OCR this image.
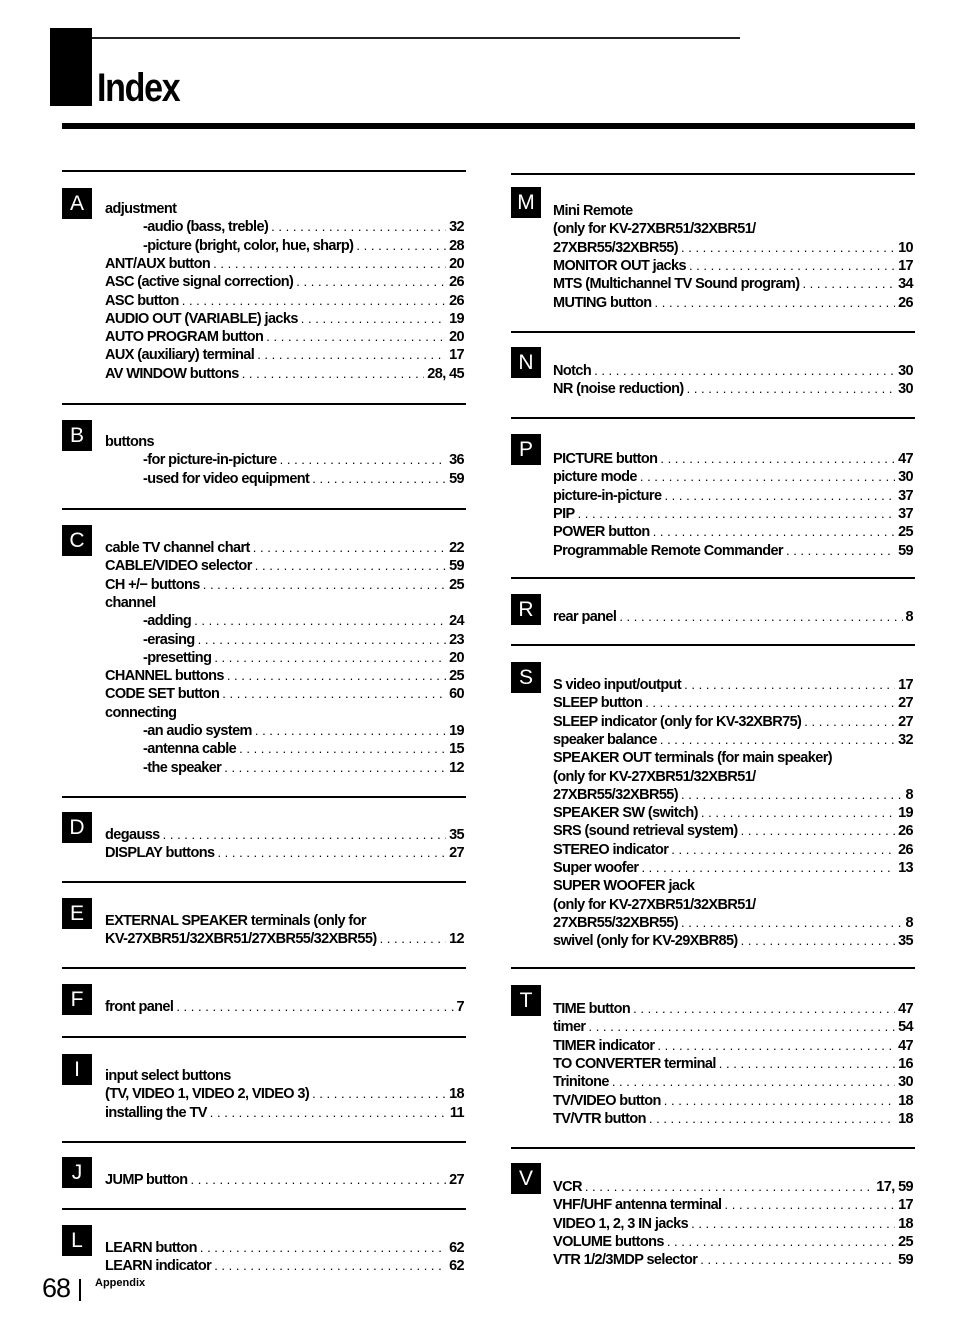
Index
A	adjustment
-audio (bass, treble) . . .	32
-picture (bright, color, hue, sharp) . . .	28
ANT/AUX button . . .	20
ASC (active signal correction) . . .	26
ASC button . . .	26
AUDIO OUT (VARIABLE) jacks . . .	19
AUTO PROGRAM button . . .	20
AUX (auxiliary) terminal . . .	17
AV WINDOW buttons . . .	28, 45
B	buttons
-for picture-in-picture . . .	36
-used for video equipment . . .	59
C	cable TV channel chart . . .	22
CABLE/VIDEO selector . . .	59
CH +/− buttons . . .	25
channel
-adding . . .	24
-erasing . . .	23
-presetting . . .	20
CHANNEL buttons . . .	25
CODE SET button . . .	60
connecting
-an audio system . . .	19
-antenna cable . . .	15
-the speaker . . .	12
D	degauss . . .	35
DISPLAY buttons . . .	27
E	EXTERNAL SPEAKER terminals (only for
KV-27XBR51/32XBR51/27XBR55/32XBR55) . . .	12
F	front panel . . .	7
I	input select buttons
(TV, VIDEO 1, VIDEO 2, VIDEO 3) . . .	18
installing the TV . . .	11
J	JUMP button . . .	27
L	LEARN button . . .	62
LEARN indicator . . .	62
M	Mini Remote
(only for KV-27XBR51/32XBR51/
27XBR55/32XBR55) . . .	10
MONITOR OUT jacks . . .	17
MTS (Multichannel TV Sound program) . . .	34
MUTING button . . .	26
N	Notch . . .	30
NR (noise reduction) . . .	30
P	PICTURE button . . .	47
picture mode . . .	30
picture-in-picture . . .	37
PIP . . .	37
POWER button . . .	25
Programmable Remote Commander . . .	59
R	rear panel . . .	8
S	S video input/output . . .	17
SLEEP button . . .	27
SLEEP indicator (only for KV-32XBR75) . . .	27
speaker balance . . .	32
SPEAKER OUT terminals (for main speaker)
(only for KV-27XBR51/32XBR51/
27XBR55/32XBR55) . . .	8
SPEAKER SW (switch) . . .	19
SRS (sound retrieval system) . . .	26
STEREO indicator . . .	26
Super woofer . . .	13
SUPER WOOFER jack
(only for KV-27XBR51/32XBR51/
27XBR55/32XBR55) . . .	8
swivel (only for KV-29XBR85) . . .	35
T	TIME button . . .	47
timer . . .	54
TIMER indicator . . .	47
TO CONVERTER terminal . . .	16
Trinitone . . .	30
TV/VIDEO button . . .	18
TV/VTR button . . .	18
V	VCR . . .	17, 59
VHF/UHF antenna terminal . . .	17
VIDEO 1, 2, 3 IN jacks . . .	18
VOLUME buttons . . .	25
VTR 1/2/3MDP selector . . .	59
68 Appendix
